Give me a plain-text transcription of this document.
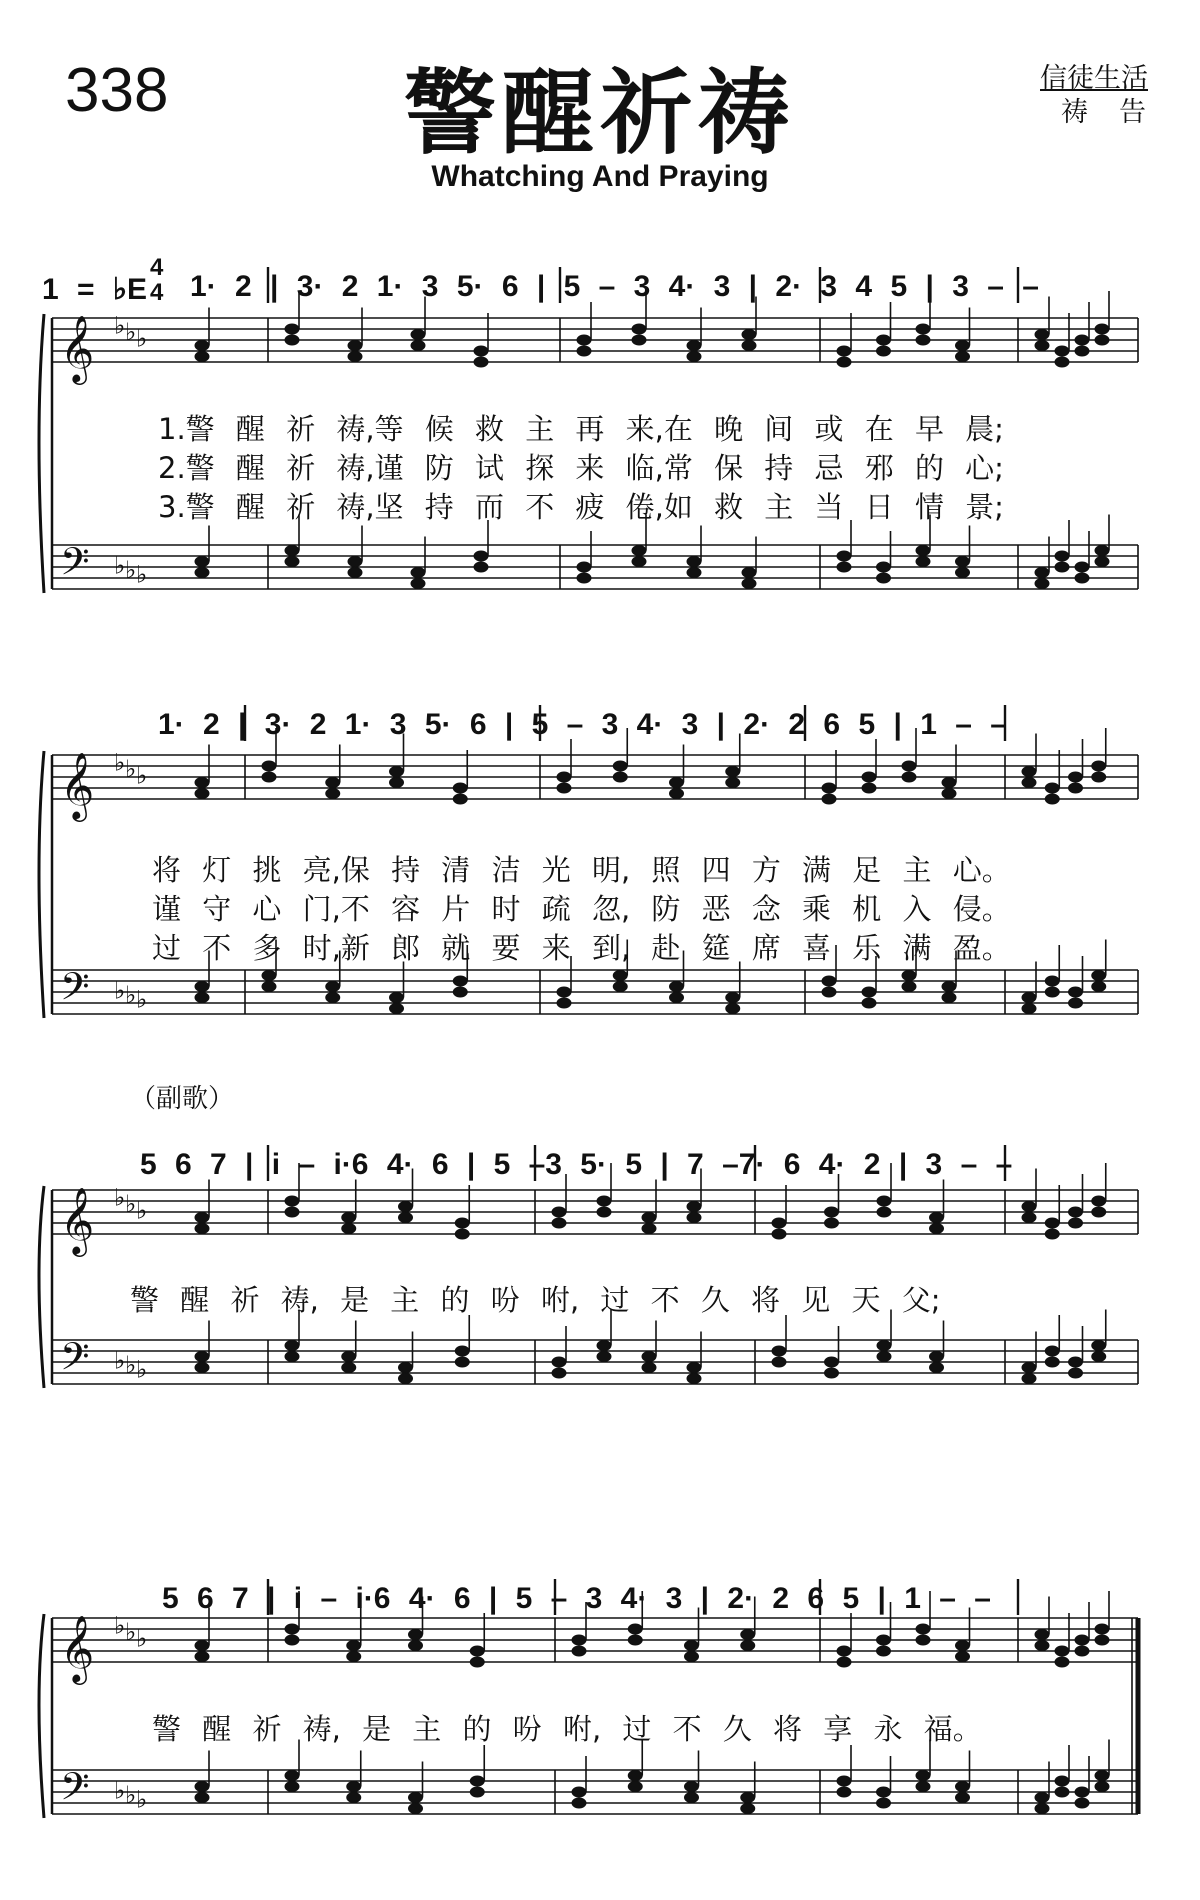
338	警醒祈祷
Whatching And Praying
信徒生活
祷　告
1 = ♭E
4
4 1· 2 | 3· 2 1· 3 5· 6 | 5 – 3 4· 3 | 2· 3 4 5 | 3 – –
1· 2 | 3· 2 1· 3 5· 6 | 5 – 3 4· 3 | 2· 2 6 5 | 1 – –
5 6 7 | i – i·6 4· 6 | 5 –3 5· 5 | 7 –7· 6 4· 2 | 3 – –
5 6 7 | i – i·6 4· 6 | 5 – 3 4· 3 | 2· 2 6 5 | 1 – –
（副歌）
1.警 醒 祈 祷,等 候 救 主 再 来,在 晚 间 或 在 早 晨;
2.警 醒 祈 祷,谨 防 试 探 来 临,常 保 持 忌 邪 的 心;
3.警 醒 祈 祷,坚 持 而 不 疲 倦,如 救 主 当 日 情 景;
将 灯 挑 亮,保 持 清 洁 光 明, 照 四 方 满 足 主 心。
谨 守 心 门,不 容 片 时 疏 忽, 防 恶 念 乘 机 入 侵。
过 不 多 时,新 郎 就 要 来 到, 赴 筵 席 喜 乐 满 盈。
警 醒 祈 祷, 是 主 的 吩 咐, 过 不 久 将 见 天 父;
警 醒 祈 祷, 是 主 的 吩 咐, 过 不 久 将 享 永 福。
𝄞
𝄢
♭ ♭ ♭
♭ ♭ ♭
𝄞
𝄢
♭ ♭ ♭
♭ ♭ ♭
𝄞
𝄢
♭ ♭ ♭
♭ ♭ ♭
𝄞
𝄢
♭ ♭ ♭
♭ ♭ ♭
